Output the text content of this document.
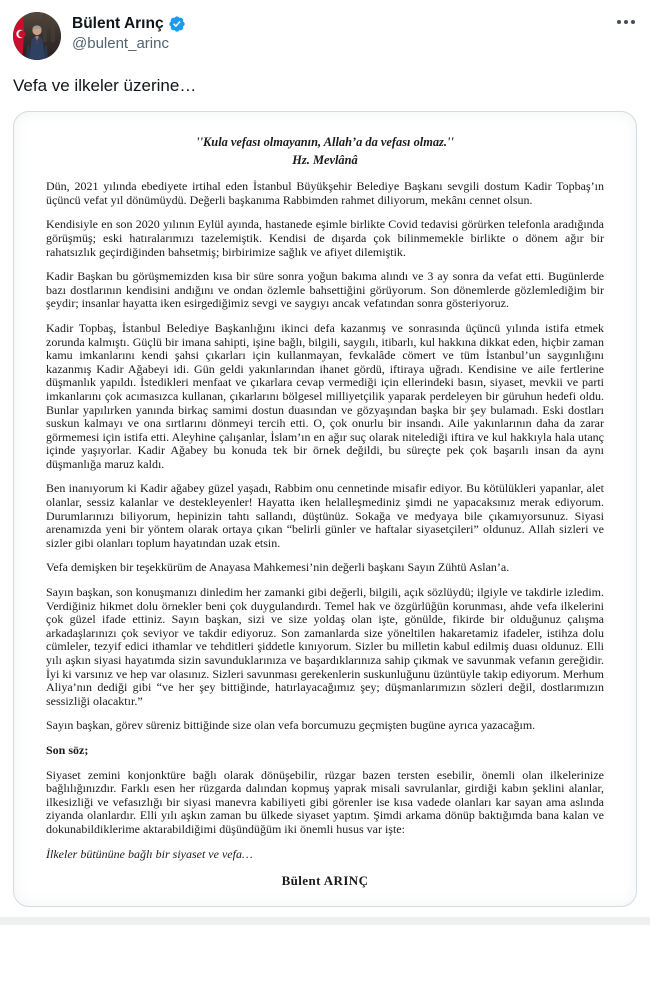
Bülent Arınç
@bulent_arinc
Vefa ve ilkeler üzerine…

''Kula vefası olmayanın, Allah’a da vefası olmaz.''

Hz. Mevlânâ

Dün, 2021 yılında ebediyete irtihal eden İstanbul Büyükşehir Belediye Başkanı sevgili dostum Kadir Topbaş’ın üçüncü vefat yıl dönümüydü. Değerli başkanıma Rabbimden rahmet diliyorum, mekânı cennet olsun.

Kendisiyle en son 2020 yılının Eylül ayında, hastanede eşimle birlikte Covid tedavisi görürken telefonla aradığında görüşmüş; eski hatıralarımızı tazelemiştik. Kendisi de dışarda çok bilinmemekle birlikte o dönem ağır bir rahatsızlık geçirdiğinden bahsetmiş; birbirimize sağlık ve afiyet dilemiştik.

Kadir Başkan bu görüşmemizden kısa bir süre sonra yoğun bakıma alındı ve 3 ay sonra da vefat etti. Bugünlerde bazı dostlarının kendisini andığını ve ondan özlemle bahsettiğini görüyorum. Son dönemlerde gözlemlediğim bir şeydir; insanlar hayatta iken esirgediğimiz sevgi ve saygıyı ancak vefatından sonra gösteriyoruz.

Kadir Topbaş, İstanbul Belediye Başkanlığını ikinci defa kazanmış ve sonrasında üçüncü yılında istifa etmek zorunda kalmıştı. Güçlü bir imana sahipti, işine bağlı, bilgili, saygılı, itibarlı, kul hakkına dikkat eden, hiçbir zaman kamu imkanlarını kendi şahsi çıkarları için kullanmayan, fevkalâde cömert ve tüm İstanbul’un saygınlığını kazanmış Kadir Ağabeyi idi. Gün geldi yakınlarından ihanet gördü, iftiraya uğradı. Kendisine ve aile fertlerine düşmanlık yapıldı. İstedikleri menfaat ve çıkarlara cevap vermediği için ellerindeki basın, siyaset, mevkii ve parti imkanlarını çok acımasızca kullanan, çıkarlarını bölgesel milliyetçilik yaparak perdeleyen bir güruhun hedefi oldu. Bunlar yapılırken yanında birkaç samimi dostun duasından ve gözyaşından başka bir şey bulamadı. Eski dostları suskun kalmayı ve ona sırtlarını dönmeyi tercih etti. O, çok onurlu bir insandı. Aile yakınlarının daha da zarar görmemesi için istifa etti. Aleyhine çalışanlar, İslam’ın en ağır suç olarak nitelediği iftira ve kul hakkıyla hala utanç içinde yaşıyorlar. Kadir Ağabey bu konuda tek bir örnek değildi, bu süreçte pek çok başarılı insan da aynı düşmanlığa maruz kaldı.

Ben inanıyorum ki Kadir ağabey güzel yaşadı, Rabbim onu cennetinde misafir ediyor. Bu kötülükleri yapanlar, alet olanlar, sessiz kalanlar ve destekleyenler! Hayatta iken helalleşmediniz şimdi ne yapacaksınız merak ediyorum. Durumlarınızı biliyorum, hepinizin tahtı sallandı, düştünüz. Sokağa ve medyaya bile çıkamıyorsunuz. Siyasi arenamızda yeni bir yöntem olarak ortaya çıkan “belirli günler ve haftalar siyasetçileri” oldunuz. Allah sizleri ve sizler gibi olanları toplum hayatından uzak etsin.

Vefa demişken bir teşekkürüm de Anayasa Mahkemesi’nin değerli başkanı Sayın Zühtü Aslan’a.

Sayın başkan, son konuşmanızı dinledim her zamanki gibi değerli, bilgili, açık sözlüydü; ilgiyle ve takdirle izledim. Verdiğiniz hikmet dolu örnekler beni çok duygulandırdı. Temel hak ve özgürlüğün korunması, ahde vefa ilkelerini çok güzel ifade ettiniz. Sayın başkan, sizi ve size yoldaş olan işte, gönülde, fikirde bir olduğunuz çalışma arkadaşlarınızı çok seviyor ve takdir ediyoruz. Son zamanlarda size yöneltilen hakaretamiz ifadeler, istihza dolu cümleler, tezyif edici ithamlar ve tehditleri şiddetle kınıyorum. Sizler bu milletin kabul edilmiş duası oldunuz. Elli yılı aşkın siyasi hayatımda sizin savunduklarınıza ve başardıklarınıza sahip çıkmak ve savunmak vefanın gereğidir. İyi ki varsınız ve hep var olasınız. Sizleri savunması gerekenlerin suskunluğunu üzüntüyle takip ediyorum. Merhum Aliya’nın dediği gibi “ve her şey bittiğinde, hatırlayacağımız şey; düşmanlarımızın sözleri değil, dostlarımızın sessizliği olacaktır.”

Sayın başkan, görev süreniz bittiğinde size olan vefa borcumuzu geçmişten bugüne ayrıca yazacağım.

Son söz;

Siyaset zemini konjonktüre bağlı olarak dönüşebilir, rüzgar bazen tersten esebilir, önemli olan ilkelerinize bağlılığınızdır. Farklı esen her rüzgarda dalından kopmuş yaprak misali savrulanlar, girdiği kabın şeklini alanlar, ilkesizliği ve vefasızlığı bir siyasi manevra kabiliyeti gibi görenler ise kısa vadede olanları kar sayan ama aslında ziyanda olanlardır. Elli yılı aşkın zaman bu ülkede siyaset yaptım. Şimdi arkama dönüp baktığımda bana kalan ve dokunabildiklerime aktarabildiğimi düşündüğüm iki önemli husus var işte:

İlkeler bütününe bağlı bir siyaset ve vefa…

Bülent ARINÇ
